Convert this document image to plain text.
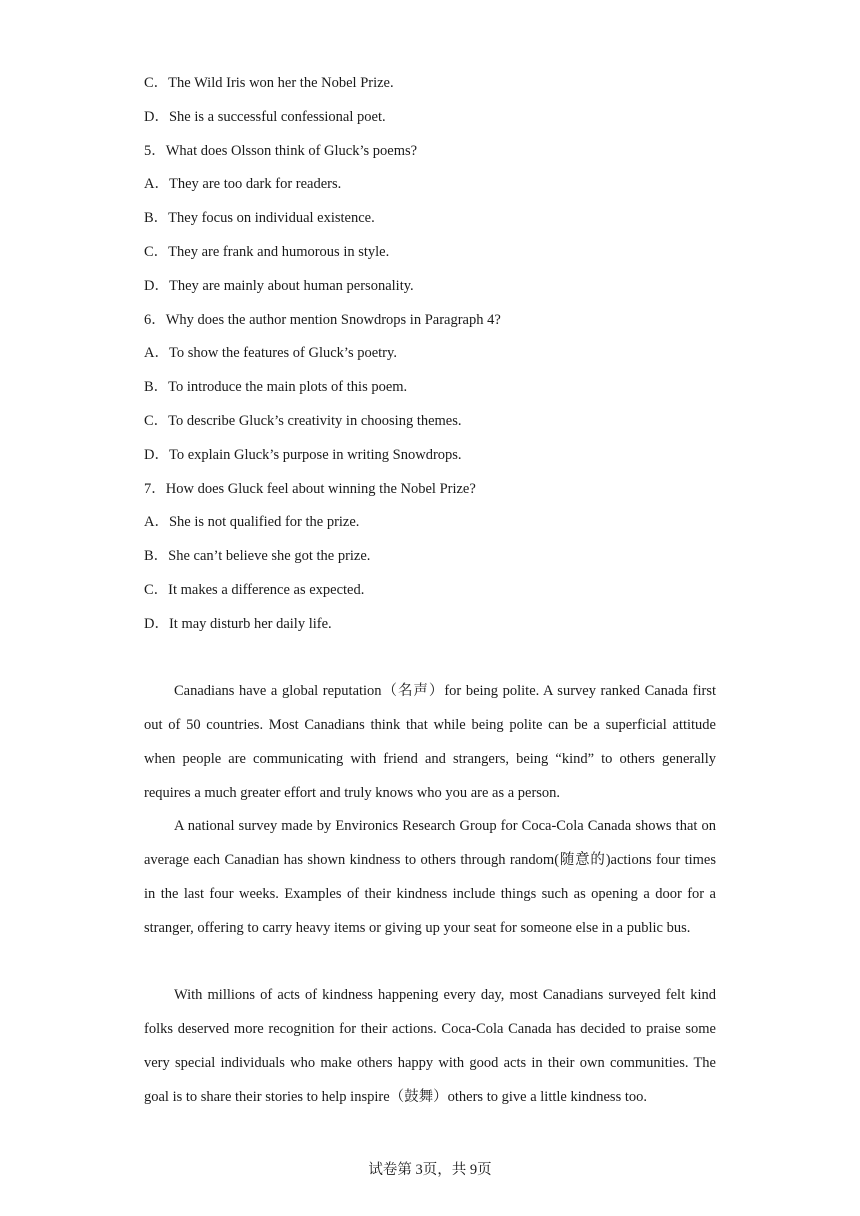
C．The Wild Iris won her the Nobel Prize.
D．She is a successful confessional poet.
5．What does Olsson think of Gluck’s poems?
A．They are too dark for readers.
B．They focus on individual existence.
C．They are frank and humorous in style.
D．They are mainly about human personality.
6．Why does the author mention Snowdrops in Paragraph 4?
A．To show the features of Gluck’s poetry.
B．To introduce the main plots of this poem.
C．To describe Gluck’s creativity in choosing themes.
D．To explain Gluck’s purpose in writing Snowdrops.
7．How does Gluck feel about winning the Nobel Prize?
A．She is not qualified for the prize.
B．She can’t believe she got the prize.
C．It makes a difference as expected.
D．It may disturb her daily life.

Canadians have a global reputation（名声）for being polite. A survey ranked Canada first out of 50 countries. Most Canadians think that while being polite can be a superficial attitude when people are communicating with friend and strangers, being “kind” to others generally requires a much greater effort and truly knows who you are as a person.

A national survey made by Environics Research Group for Coca-Cola Canada shows that on average each Canadian has shown kindness to others through random(随意的)actions four times in the last four weeks. Examples of their kindness include things such as opening a door for a stranger, offering to carry heavy items or giving up your seat for someone else in a public bus.

With millions of acts of kindness happening every day, most Canadians surveyed felt kind folks deserved more recognition for their actions. Coca-Cola Canada has decided to praise some very special individuals who make others happy with good acts in their own communities. The goal is to share their stories to help inspire（鼓舞）others to give a little kindness too.

试卷第 3页，共 9页
